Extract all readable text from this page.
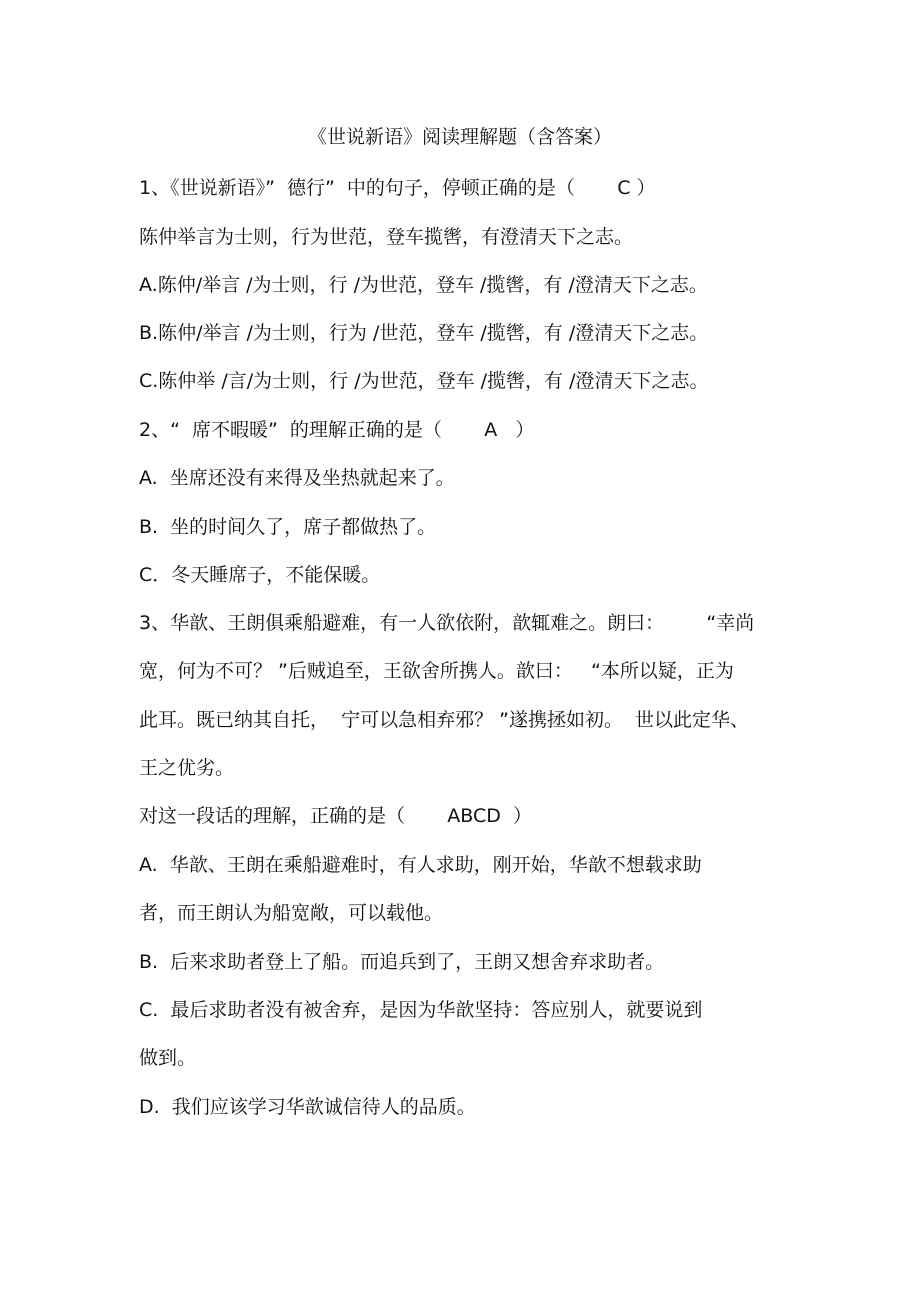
《世说新语》阅读理解题（含答案）
1、《世说新语》”  德行”  中的句子，停顿正确的是（       C ）
陈仲举言为士则，行为世范，登车揽辔，有澄清天下之志。
A.陈仲/举言 /为士则，行 /为世范，登车 /揽辔，有 /澄清天下之志。
B.陈仲/举言 /为士则，行为 /世范，登车 /揽辔，有 /澄清天下之志。
C.陈仲举 /言/为士则，行 /为世范，登车 /揽辔，有 /澄清天下之志。
2、“  席不暇暖”  的理解正确的是（       A   ）
A.  坐席还没有来得及坐热就起来了。
B.  坐的时间久了，席子都做热了。
C．冬天睡席子，不能保暖。
3、华歆、王朗俱乘船避难，有一人欲依附，歆辄难之。朗曰：       “幸尚
宽，何为不可？ ”后贼追至，王欲舍所携人。歆曰：   “本所以疑，正为
此耳。既已纳其自托，  宁可以急相弃邪？ ”遂携拯如初。  世以此定华、
王之优劣。
对这一段话的理解，正确的是（       ABCD  ）
A.  华歆、王朗在乘船避难时，有人求助，刚开始，华歆不想载求助
者，而王朗认为船宽敞，可以载他。
B.  后来求助者登上了船。而追兵到了，王朗又想舍弃求助者。
C.  最后求助者没有被舍弃，是因为华歆坚持：答应别人，就要说到
做到。
D.  我们应该学习华歆诚信待人的品质。
